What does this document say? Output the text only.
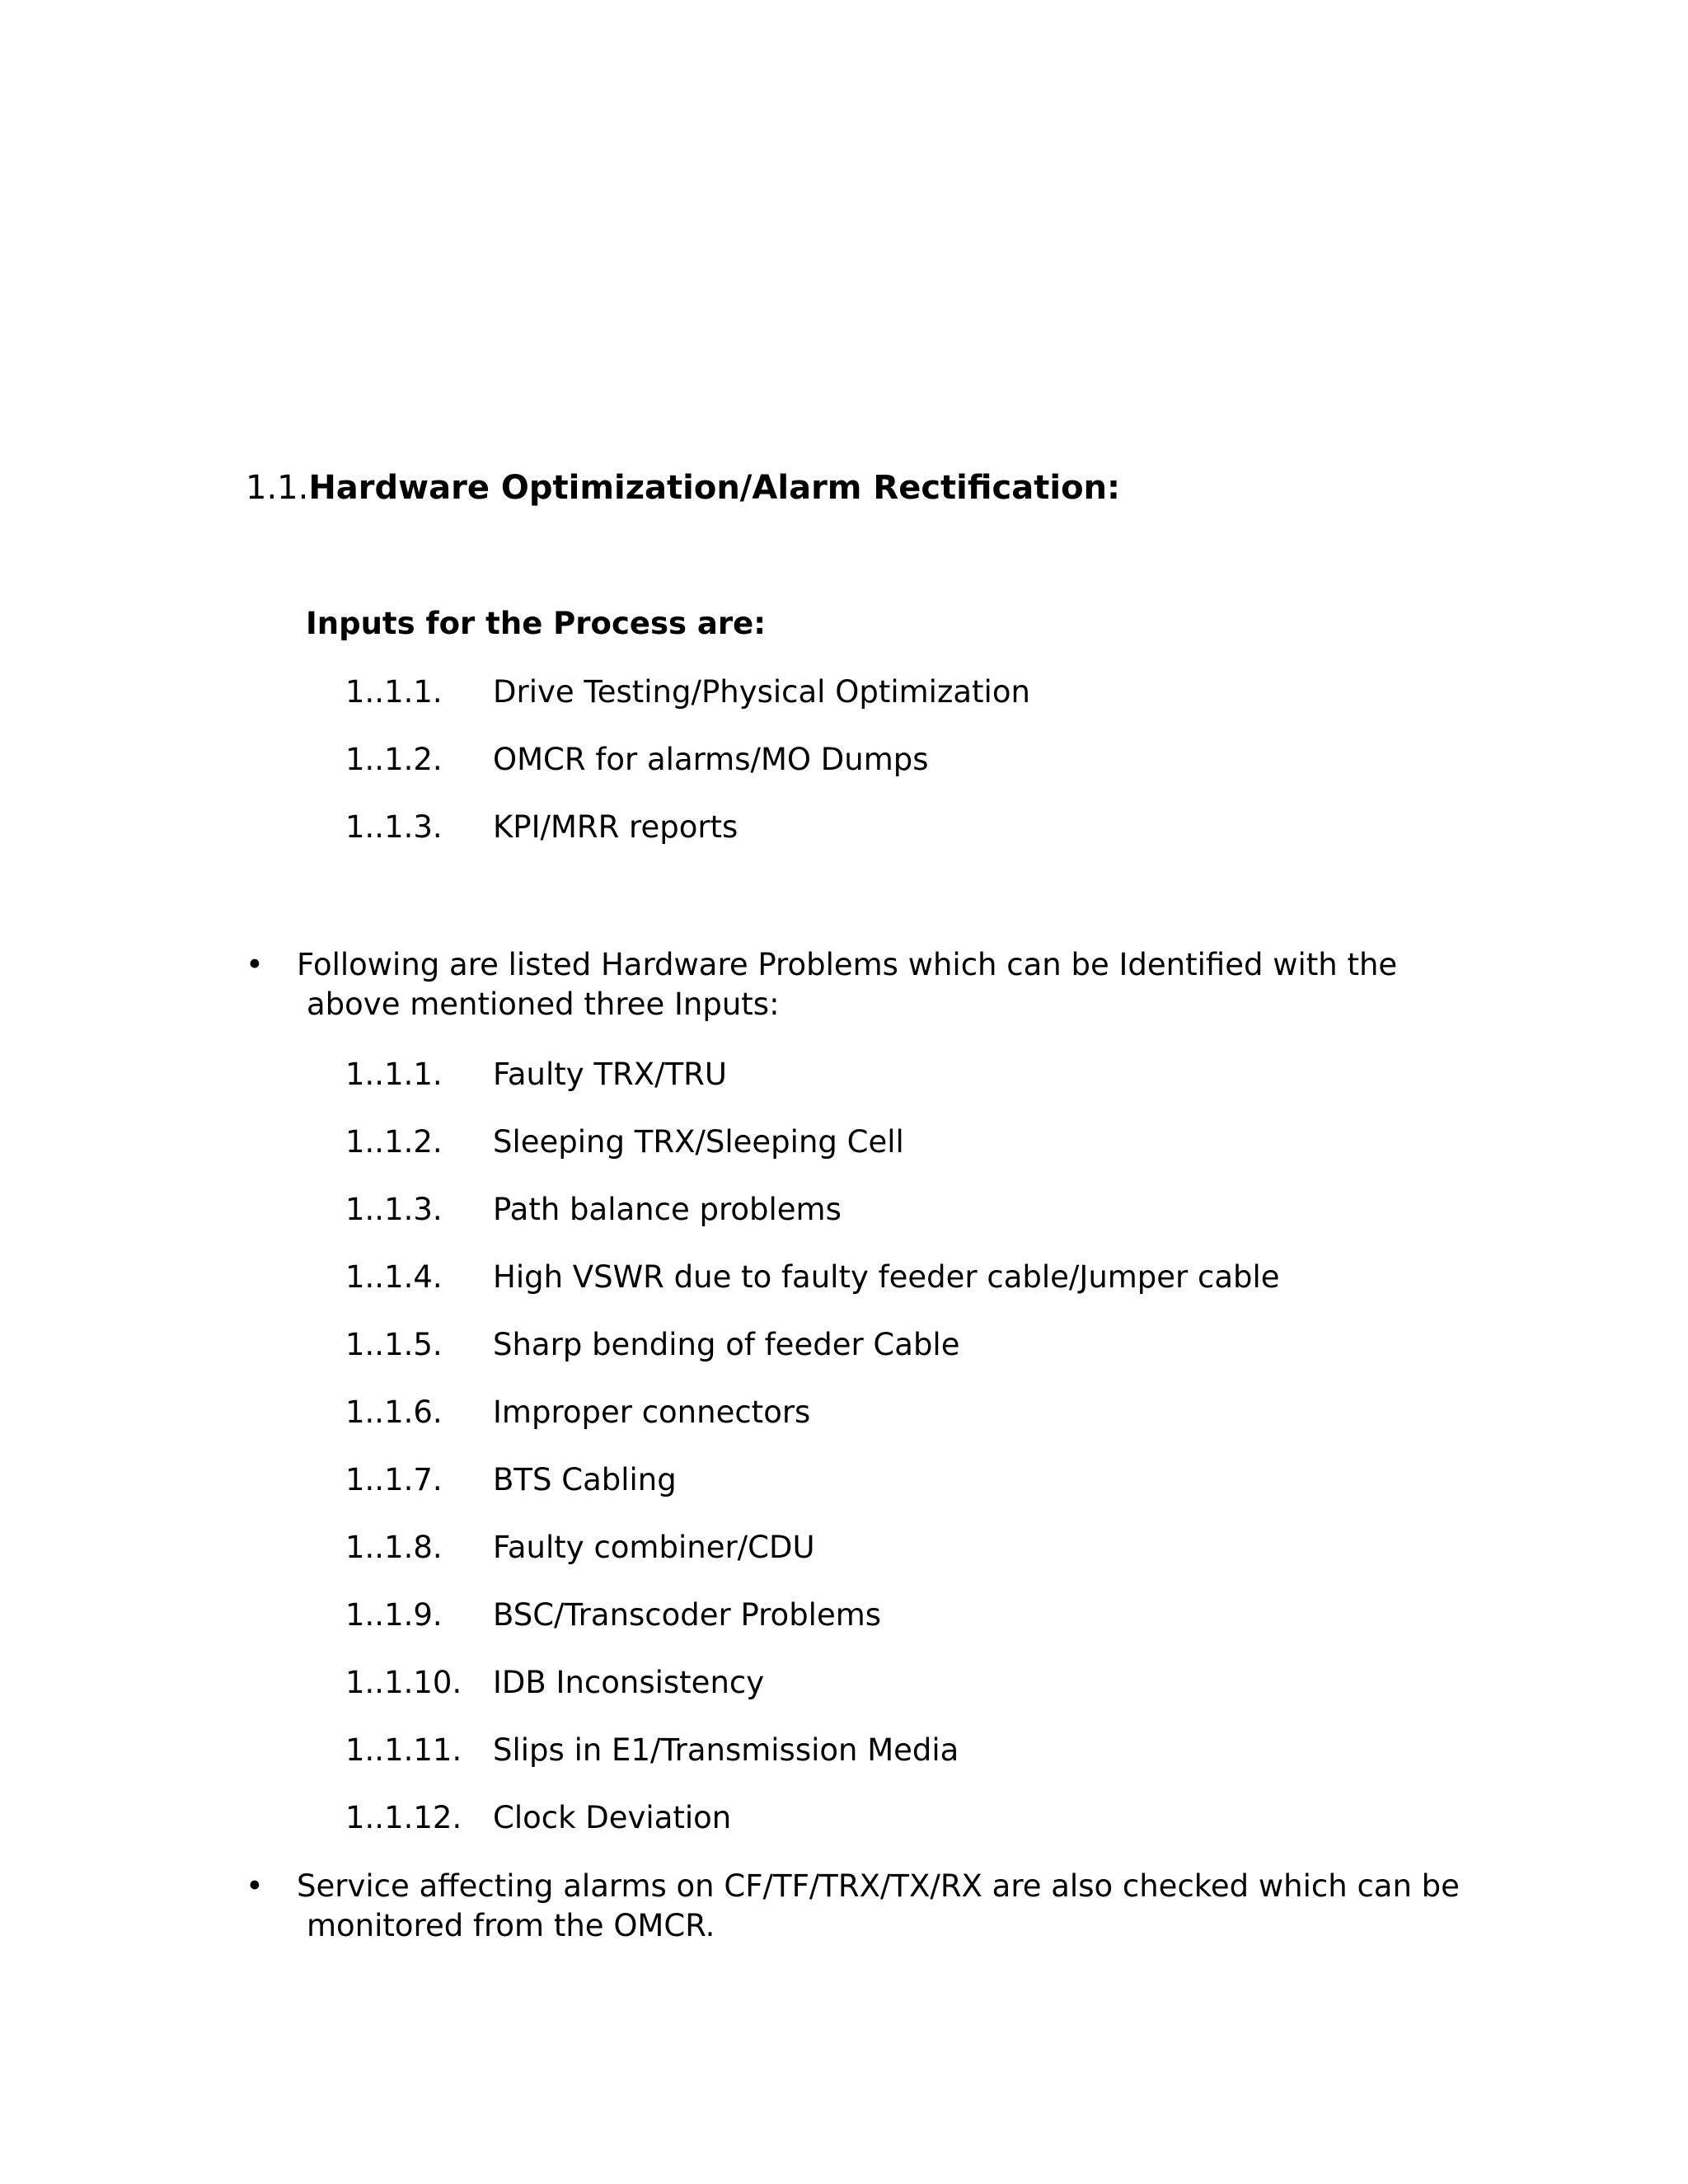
1.1.Hardware Optimization/Alarm Rectification:
Inputs for the Process are:
1..1.1. Drive Testing/Physical Optimization
1..1.2. OMCR for alarms/MO Dumps
1..1.3. KPI/MRR reports
•	Following are listed Hardware Problems which can be Identified with the
above mentioned three Inputs:
1..1.1. Faulty TRX/TRU
1..1.2. Sleeping TRX/Sleeping Cell
1..1.3. Path balance problems
1..1.4. High VSWR due to faulty feeder cable/Jumper cable
1..1.5. Sharp bending of feeder Cable
1..1.6. Improper connectors
1..1.7. BTS Cabling
1..1.8. Faulty combiner/CDU
1..1.9. BSC/Transcoder Problems
1..1.10. IDB Inconsistency
1..1.11. Slips in E1/Transmission Media
1..1.12. Clock Deviation
•	Service affecting alarms on CF/TF/TRX/TX/RX are also checked which can be
monitored from the OMCR.
